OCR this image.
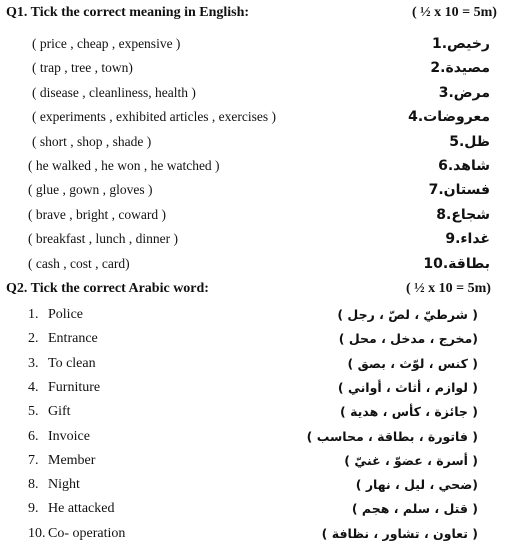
Q1. Tick the correct meaning in English:	( ½ x 10 = 5m)
( price , cheap , expensive )	رخيص.1
( trap , tree , town)	مصيدة.2
( disease , cleanliness, health )	مرض.3
( experiments , exhibited articles , exercises )	معروضات.4
( short , shop , shade )	ظل.5
( he walked , he won , he watched )	شاهد.6
( glue , gown , gloves )	فستان.7
( brave , bright , coward )	شجاع.8
( breakfast , lunch , dinner )	غداء.9
( cash , cost , card)	بطاقة.10
Q2. Tick the correct Arabic word:	( ½ x 10 = 5m)
1. Police	( شرطيّ ، لصّ ، رجل )
2. Entrance	(مخرج ، مدخل ، محل )
3. To clean	( كنس ، لوّث ، بصق )
4. Furniture	( لوازم ، أثاث ، أواني )
5. Gift	( جائزة ، كأس ، هدية )
6. Invoice	( فاتورة ، بطاقة ، محاسب )
7. Member	( أسرة ، عضوّ ، غنيّ )
8. Night	(ضحي ، ليل ، نهار )
9. He attacked	( قتل ، سلم ، هجم )
10. Co- operation	( تعاون ، تشاور ، نظافة )
